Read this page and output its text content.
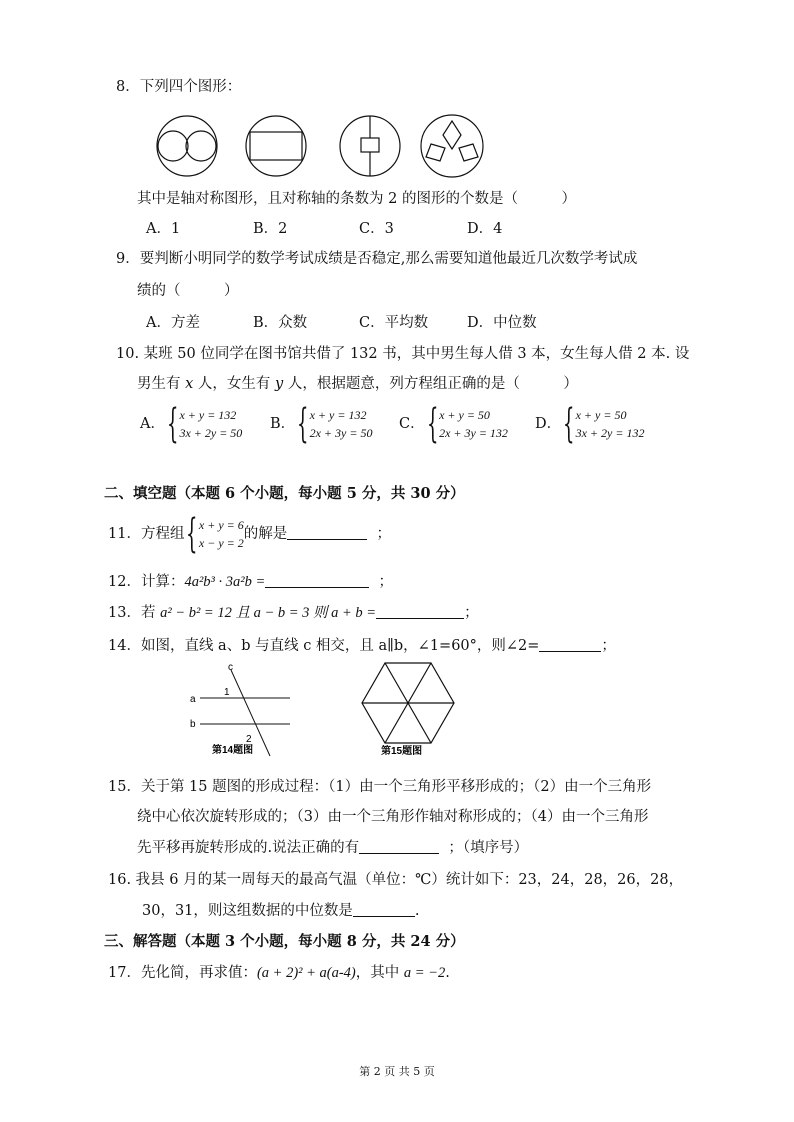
8．下列四个图形：
其中是轴对称图形，且对称轴的条数为 2 的图形的个数是（　　　）
A．1	B．2	C．3	D．4
9．要判断小明同学的数学考试成绩是否稳定,那么需要知道他最近几次数学考试成
绩的（　　　）
A．方差	B．众数	C．平均数	D．中位数
10. 某班 50 位同学在图书馆共借了 132 书，其中男生每人借 3 本，女生每人借 2 本. 设
男生有 x 人，女生有 y 人，根据题意，列方程组正确的是（　　　）
A．{x + y = 132
3x + 2y = 50
B．{x + y = 132
2x + 3y = 50
C．{x + y = 50
2x + 3y = 132
D．{x + y = 50
3x + 2y = 132
二、填空题（本题 6 个小题，每小题 5 分，共 30 分）
11．方程组{x + y = 6
x − y = 2的解是	；
12．计算：4a²b³ · 3a²b =	；
13．若 a² − b² = 12 且 a − b = 3 则 a + b =	；
14．如图，直线 a、b 与直线 c 相交，且 a∥b，∠1=60°，则∠2=	；
c
a
b
1
2
第14题图	第15题图
15．关于第 15 题图的形成过程：（1）由一个三角形平移形成的；（2）由一个三角形
绕中心依次旋转形成的；（3）由一个三角形作轴对称形成的；（4）由一个三角形
先平移再旋转形成的.说法正确的有	；（填序号）
16. 我县 6 月的某一周每天的最高气温（单位：℃）统计如下：23，24，28，26，28，
30，31，则这组数据的中位数是	.
三、解答题（本题 3 个小题，每小题 8 分，共 24 分）
17．先化简，再求值：(a + 2)² + a(a-4)，其中 a = −2.
第 2 页 共 5 页
